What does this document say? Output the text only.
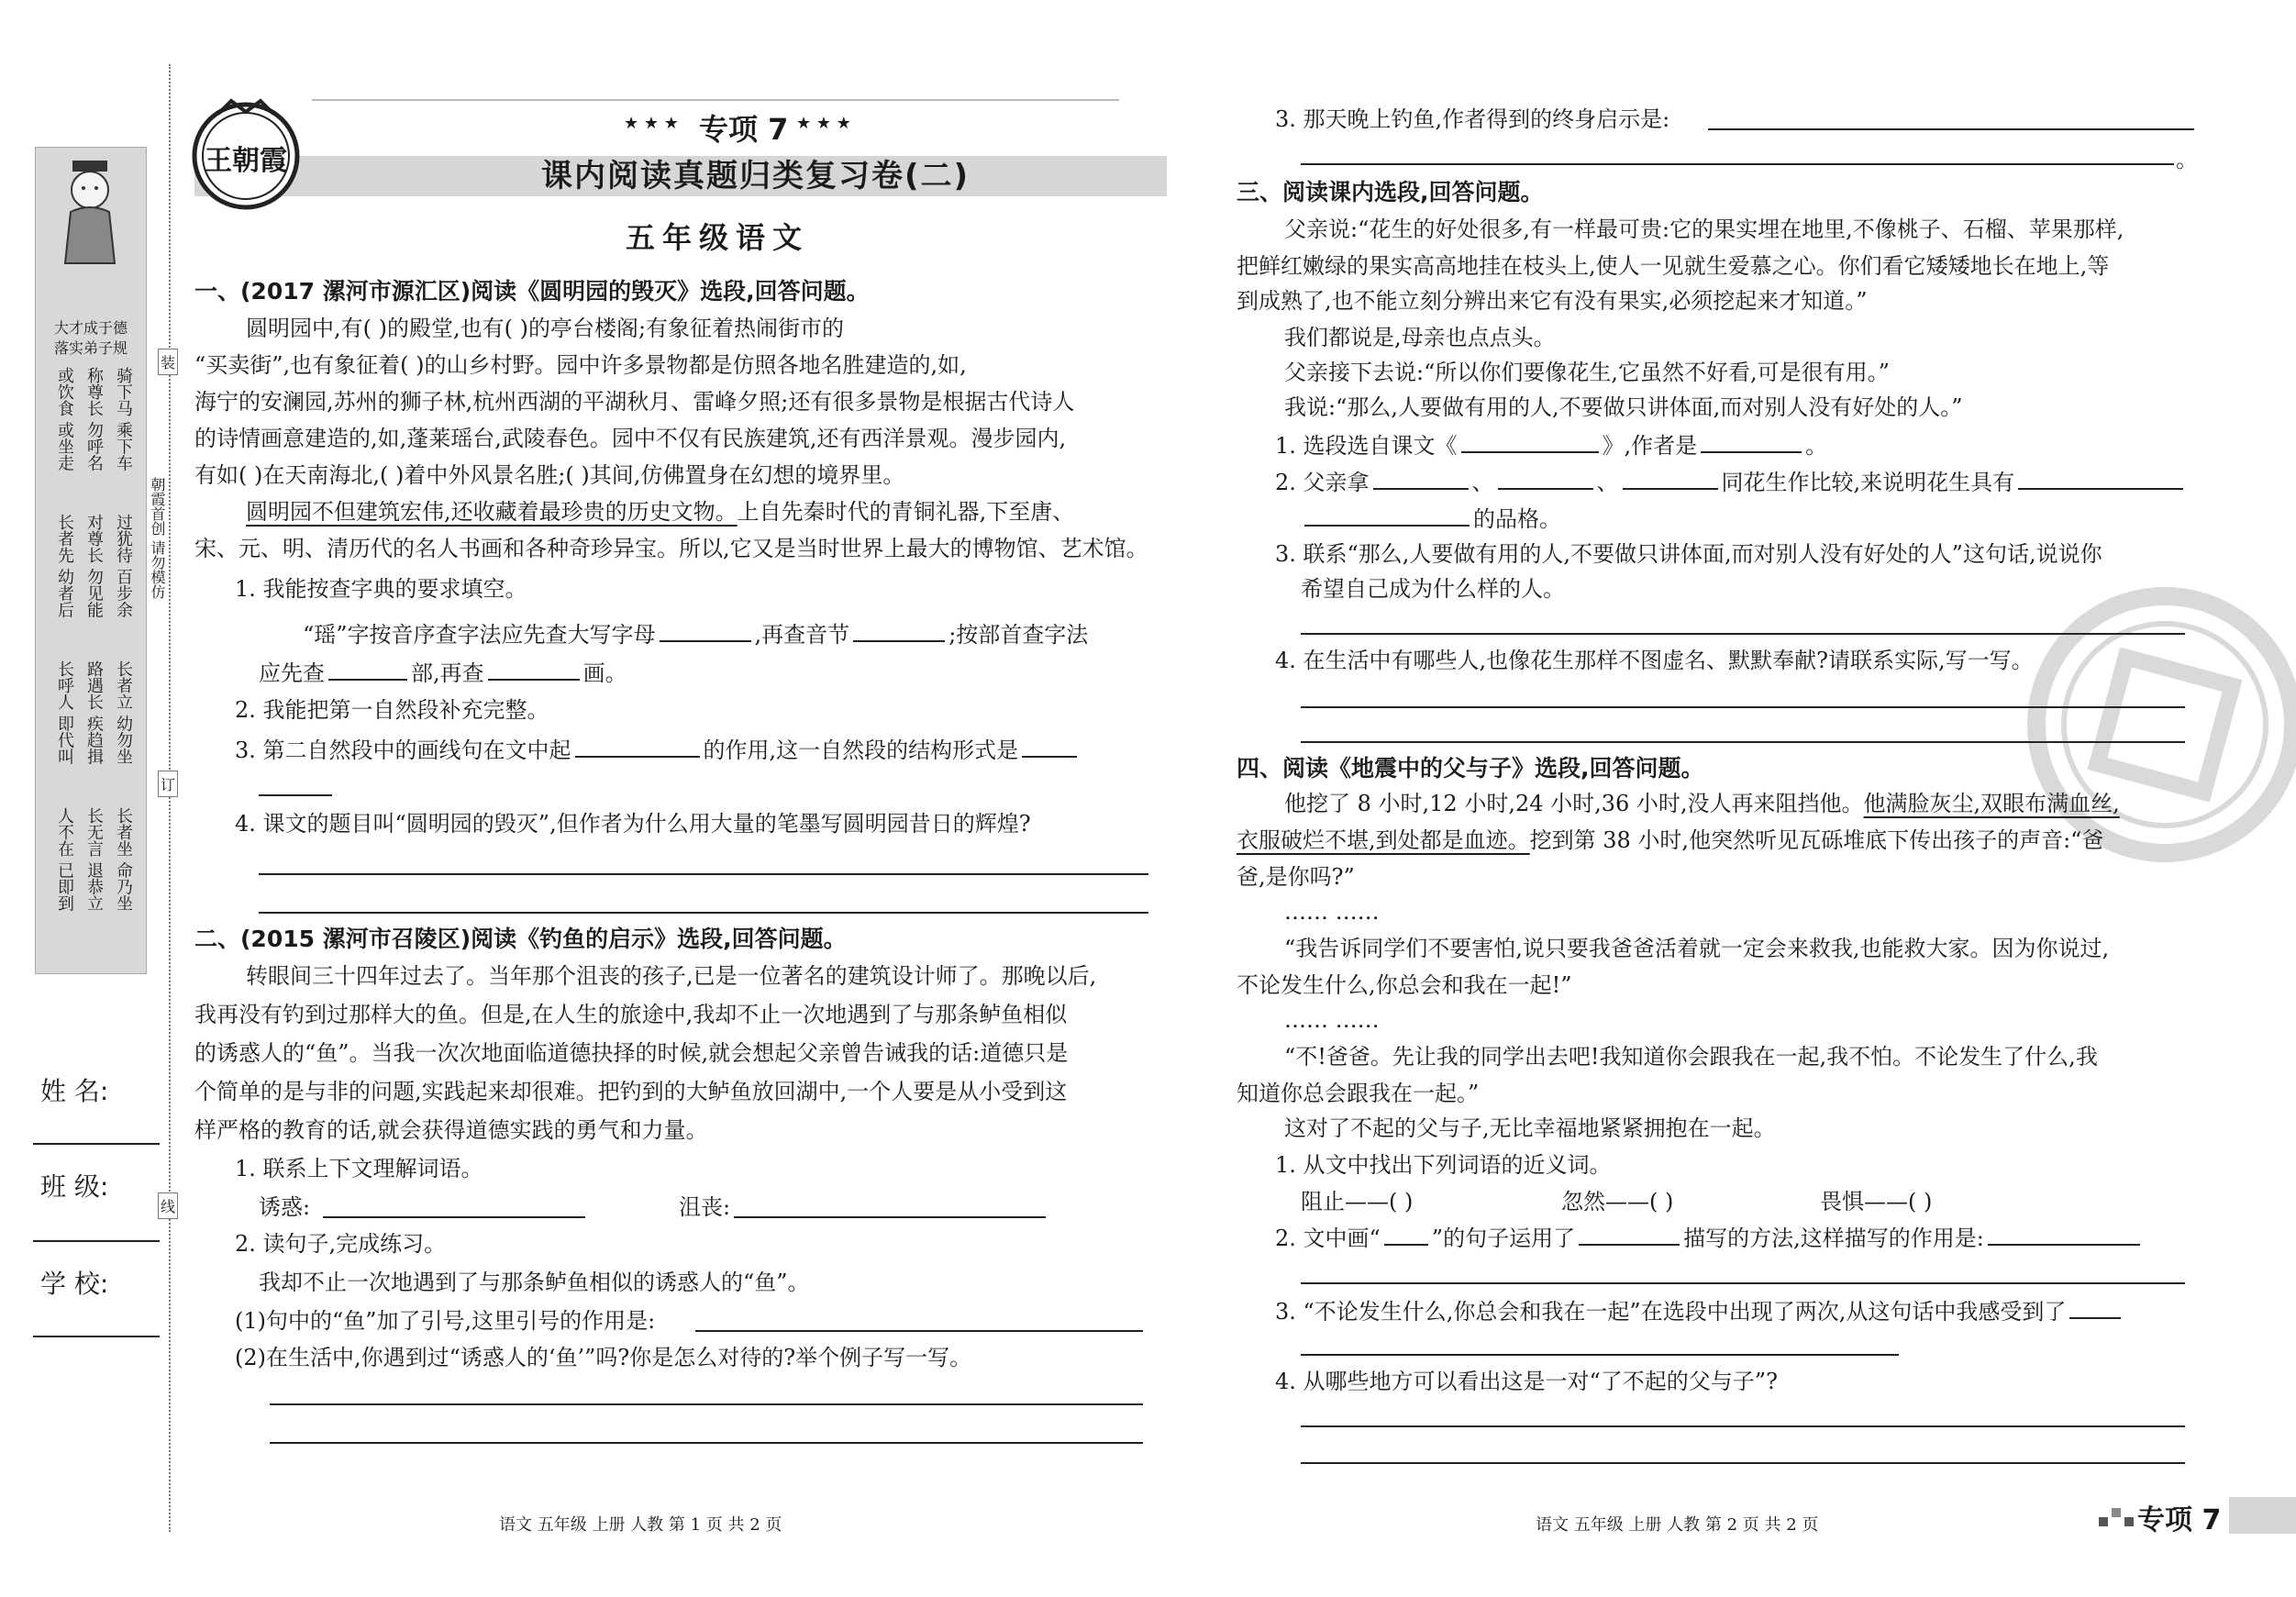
大才成于德
落实弟子规
骑下马 乘下车
称尊长 勿呼名
或饮食 或坐走
过犹待 百步余
对尊长 勿见能
长者先 幼者后
长者立 幼勿坐
路遇长 疾趋揖
长呼人 即代叫
长者坐 命乃坐
长无言 退恭立
人不在 已即到
朝霞首创 请勿模仿
装
订
线
姓 名:
班 级:
学 校:
王朝霞
★ ★ ★ 专项 7 ★ ★ ★
课内阅读真题归类复习卷(二)
五年级语文
一、(2017 漯河市源汇区)阅读《圆明园的毁灭》选段,回答问题。
圆明园中,有( )的殿堂,也有( )的亭台楼阁;有象征着热闹街市的
“买卖街”,也有象征着( )的山乡村野。园中许多景物都是仿照各地名胜建造的,如,
海宁的安澜园,苏州的狮子林,杭州西湖的平湖秋月、雷峰夕照;还有很多景物是根据古代诗人
的诗情画意建造的,如,蓬莱瑶台,武陵春色。园中不仅有民族建筑,还有西洋景观。漫步园内,
有如( )在天南海北,( )着中外风景名胜;( )其间,仿佛置身在幻想的境界里。
圆明园不但建筑宏伟,还收藏着最珍贵的历史文物。上自先秦时代的青铜礼器,下至唐、
宋、元、明、清历代的名人书画和各种奇珍异宝。所以,它又是当时世界上最大的博物馆、艺术馆。
1. 我能按查字典的要求填空。
“瑶”字按音序查字法应先查大写字母	,再查音节	;按部首查字法
应先查	部,再查	画。
2. 我能把第一自然段补充完整。
3. 第二自然段中的画线句在文中起	的作用,这一自然段的结构形式是
4. 课文的题目叫“圆明园的毁灭”,但作者为什么用大量的笔墨写圆明园昔日的辉煌?
二、(2015 漯河市召陵区)阅读《钓鱼的启示》选段,回答问题。
转眼间三十四年过去了。当年那个沮丧的孩子,已是一位著名的建筑设计师了。那晚以后,
我再没有钓到过那样大的鱼。但是,在人生的旅途中,我却不止一次地遇到了与那条鲈鱼相似
的诱惑人的“鱼”。当我一次次地面临道德抉择的时候,就会想起父亲曾告诫我的话:道德只是
个简单的是与非的问题,实践起来却很难。把钓到的大鲈鱼放回湖中,一个人要是从小受到这
样严格的教育的话,就会获得道德实践的勇气和力量。
1. 联系上下文理解词语。
诱惑:	沮丧:
2. 读句子,完成练习。
我却不止一次地遇到了与那条鲈鱼相似的诱惑人的“鱼”。
(1)句中的“鱼”加了引号,这里引号的作用是:
(2)在生活中,你遇到过“诱惑人的‘鱼’”吗?你是怎么对待的?举个例子写一写。
语文 五年级 上册 人教 第 1 页 共 2 页
3. 那天晚上钓鱼,作者得到的终身启示是:
。
三、阅读课内选段,回答问题。
父亲说:“花生的好处很多,有一样最可贵:它的果实埋在地里,不像桃子、石榴、苹果那样,
把鲜红嫩绿的果实高高地挂在枝头上,使人一见就生爱慕之心。你们看它矮矮地长在地上,等
到成熟了,也不能立刻分辨出来它有没有果实,必须挖起来才知道。”
我们都说是,母亲也点点头。
父亲接下去说:“所以你们要像花生,它虽然不好看,可是很有用。”
我说:“那么,人要做有用的人,不要做只讲体面,而对别人没有好处的人。”
1. 选段选自课文《	》,作者是	。
2. 父亲拿	、	、	同花生作比较,来说明花生具有
的品格。
3. 联系“那么,人要做有用的人,不要做只讲体面,而对别人没有好处的人”这句话,说说你
希望自己成为什么样的人。
4. 在生活中有哪些人,也像花生那样不图虚名、默默奉献?请联系实际,写一写。
四、阅读《地震中的父与子》选段,回答问题。
他挖了 8 小时,12 小时,24 小时,36 小时,没人再来阻挡他。他满脸灰尘,双眼布满血丝,
衣服破烂不堪,到处都是血迹。挖到第 38 小时,他突然听见瓦砾堆底下传出孩子的声音:“爸
爸,是你吗?”
…… ……
“我告诉同学们不要害怕,说只要我爸爸活着就一定会来救我,也能救大家。因为你说过,
不论发生什么,你总会和我在一起!”
…… ……
“不!爸爸。先让我的同学出去吧!我知道你会跟我在一起,我不怕。不论发生了什么,我
知道你总会跟我在一起。”
这对了不起的父与子,无比幸福地紧紧拥抱在一起。
1. 从文中找出下列词语的近义词。
阻止——( )	忽然——( )	畏惧——( )
2. 文中画“ ”的句子运用了	描写的方法,这样描写的作用是:
3. “不论发生什么,你总会和我在一起”在选段中出现了两次,从这句话中我感受到了
4. 从哪些地方可以看出这是一对“了不起的父与子”?
语文 五年级 上册 人教 第 2 页 共 2 页	专项 7
